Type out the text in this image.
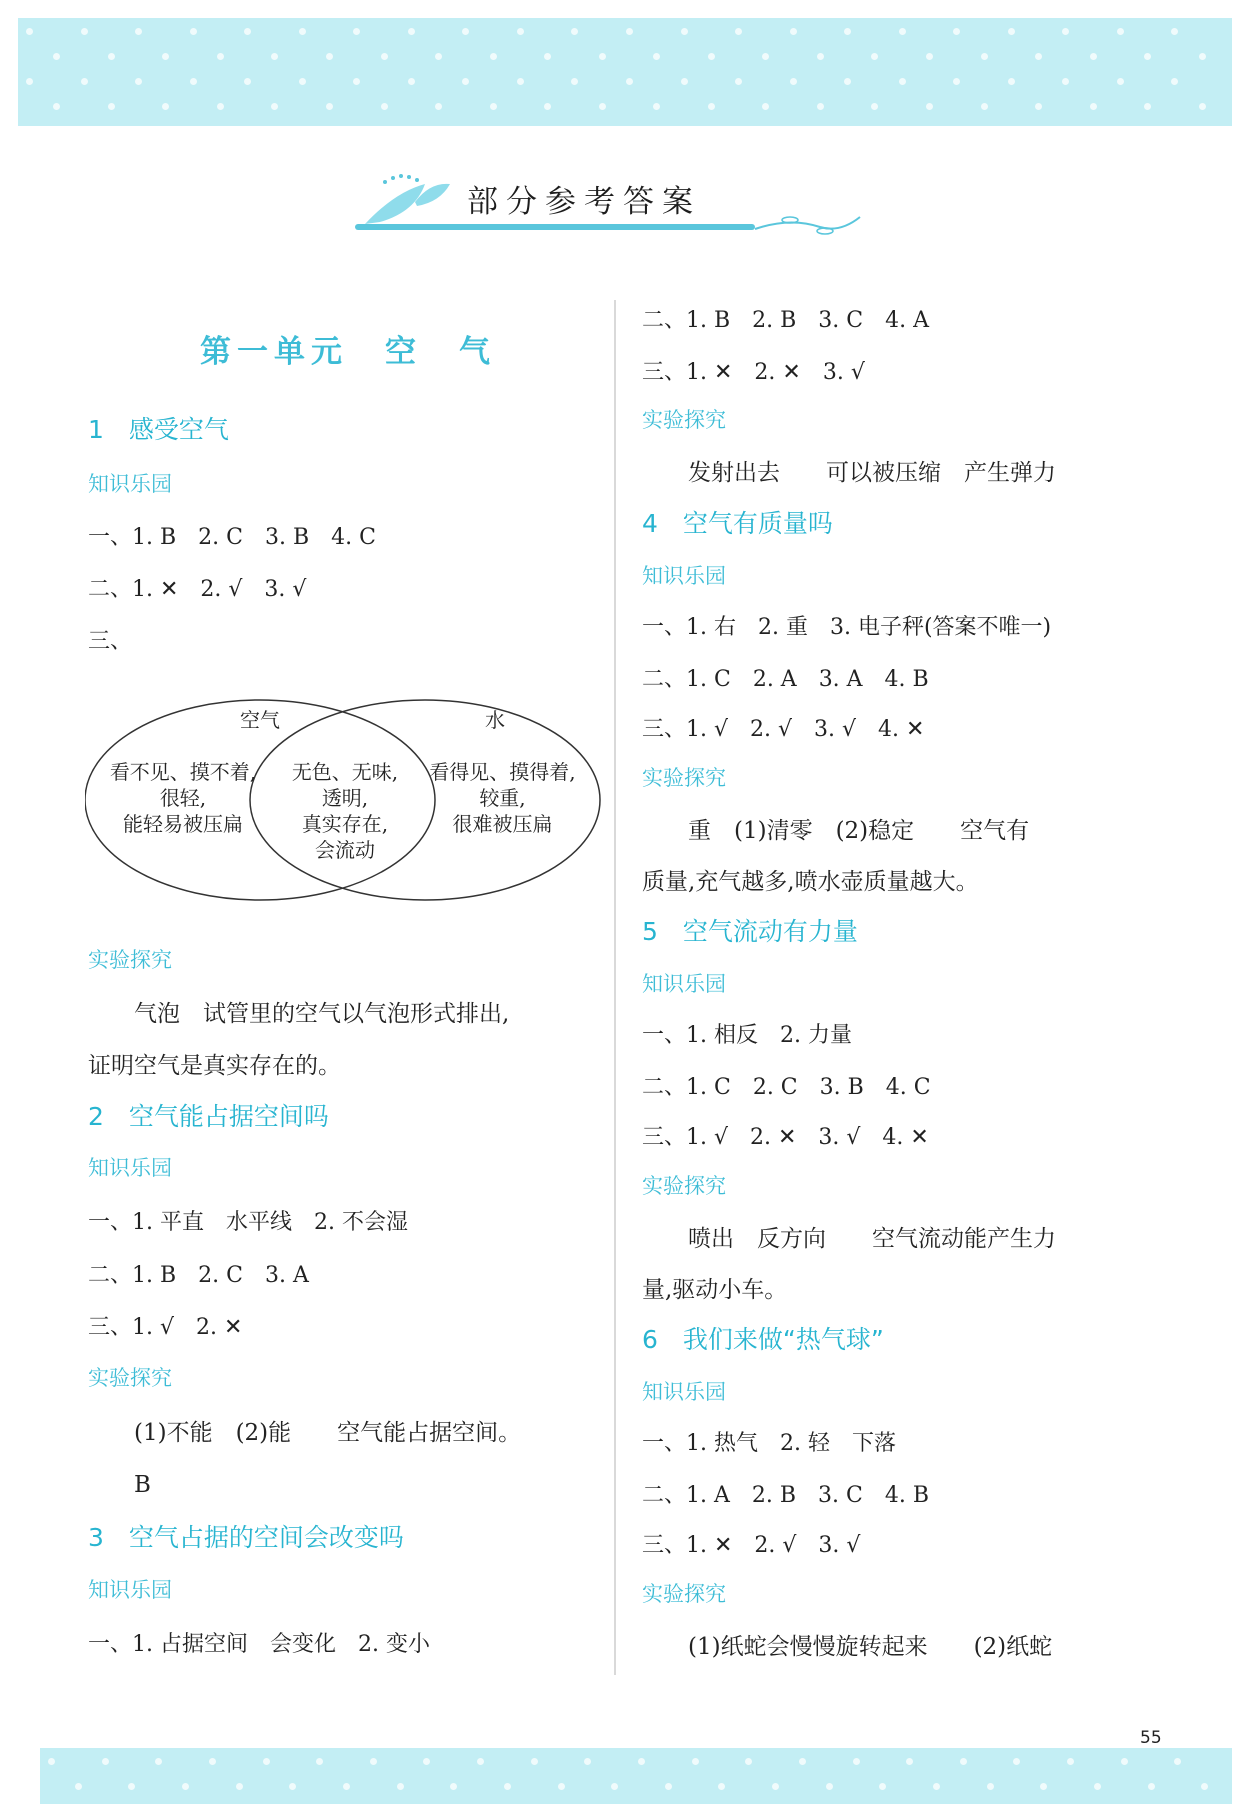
部分参考答案
第一单元　空　气
1　感受空气
知识乐园
一、1. B　2. C　3. B　4. C
二、1. ✕　2. √　3. √
三、
空气	水
看不见、摸不着,
很轻,
能轻易被压扁
无色、无味,
透明,
真实存在,
会流动
看得见、摸得着,
较重,
很难被压扁
实验探究
　　气泡　试管里的空气以气泡形式排出,
证明空气是真实存在的。
2　空气能占据空间吗
知识乐园
一、1. 平直　水平线　2. 不会湿
二、1. B　2. C　3. A
三、1. √　2. ✕
实验探究
　　(1)不能　(2)能　　空气能占据空间。
　　B
3　空气占据的空间会改变吗
知识乐园
一、1. 占据空间　会变化　2. 变小
二、1. B　2. B　3. C　4. A
三、1. ✕　2. ✕　3. √
实验探究
　　发射出去　　可以被压缩　产生弹力
4　空气有质量吗
知识乐园
一、1. 右　2. 重　3. 电子秤(答案不唯一)
二、1. C　2. A　3. A　4. B
三、1. √　2. √　3. √　4. ✕
实验探究
　　重　(1)清零　(2)稳定　　空气有
质量,充气越多,喷水壶质量越大。
5　空气流动有力量
知识乐园
一、1. 相反　2. 力量
二、1. C　2. C　3. B　4. C
三、1. √　2. ✕　3. √　4. ✕
实验探究
　　喷出　反方向　　空气流动能产生力
量,驱动小车。
6　我们来做“热气球”
知识乐园
一、1. 热气　2. 轻　下落
二、1. A　2. B　3. C　4. B
三、1. ✕　2. √　3. √
实验探究
　　(1)纸蛇会慢慢旋转起来　　(2)纸蛇
55
